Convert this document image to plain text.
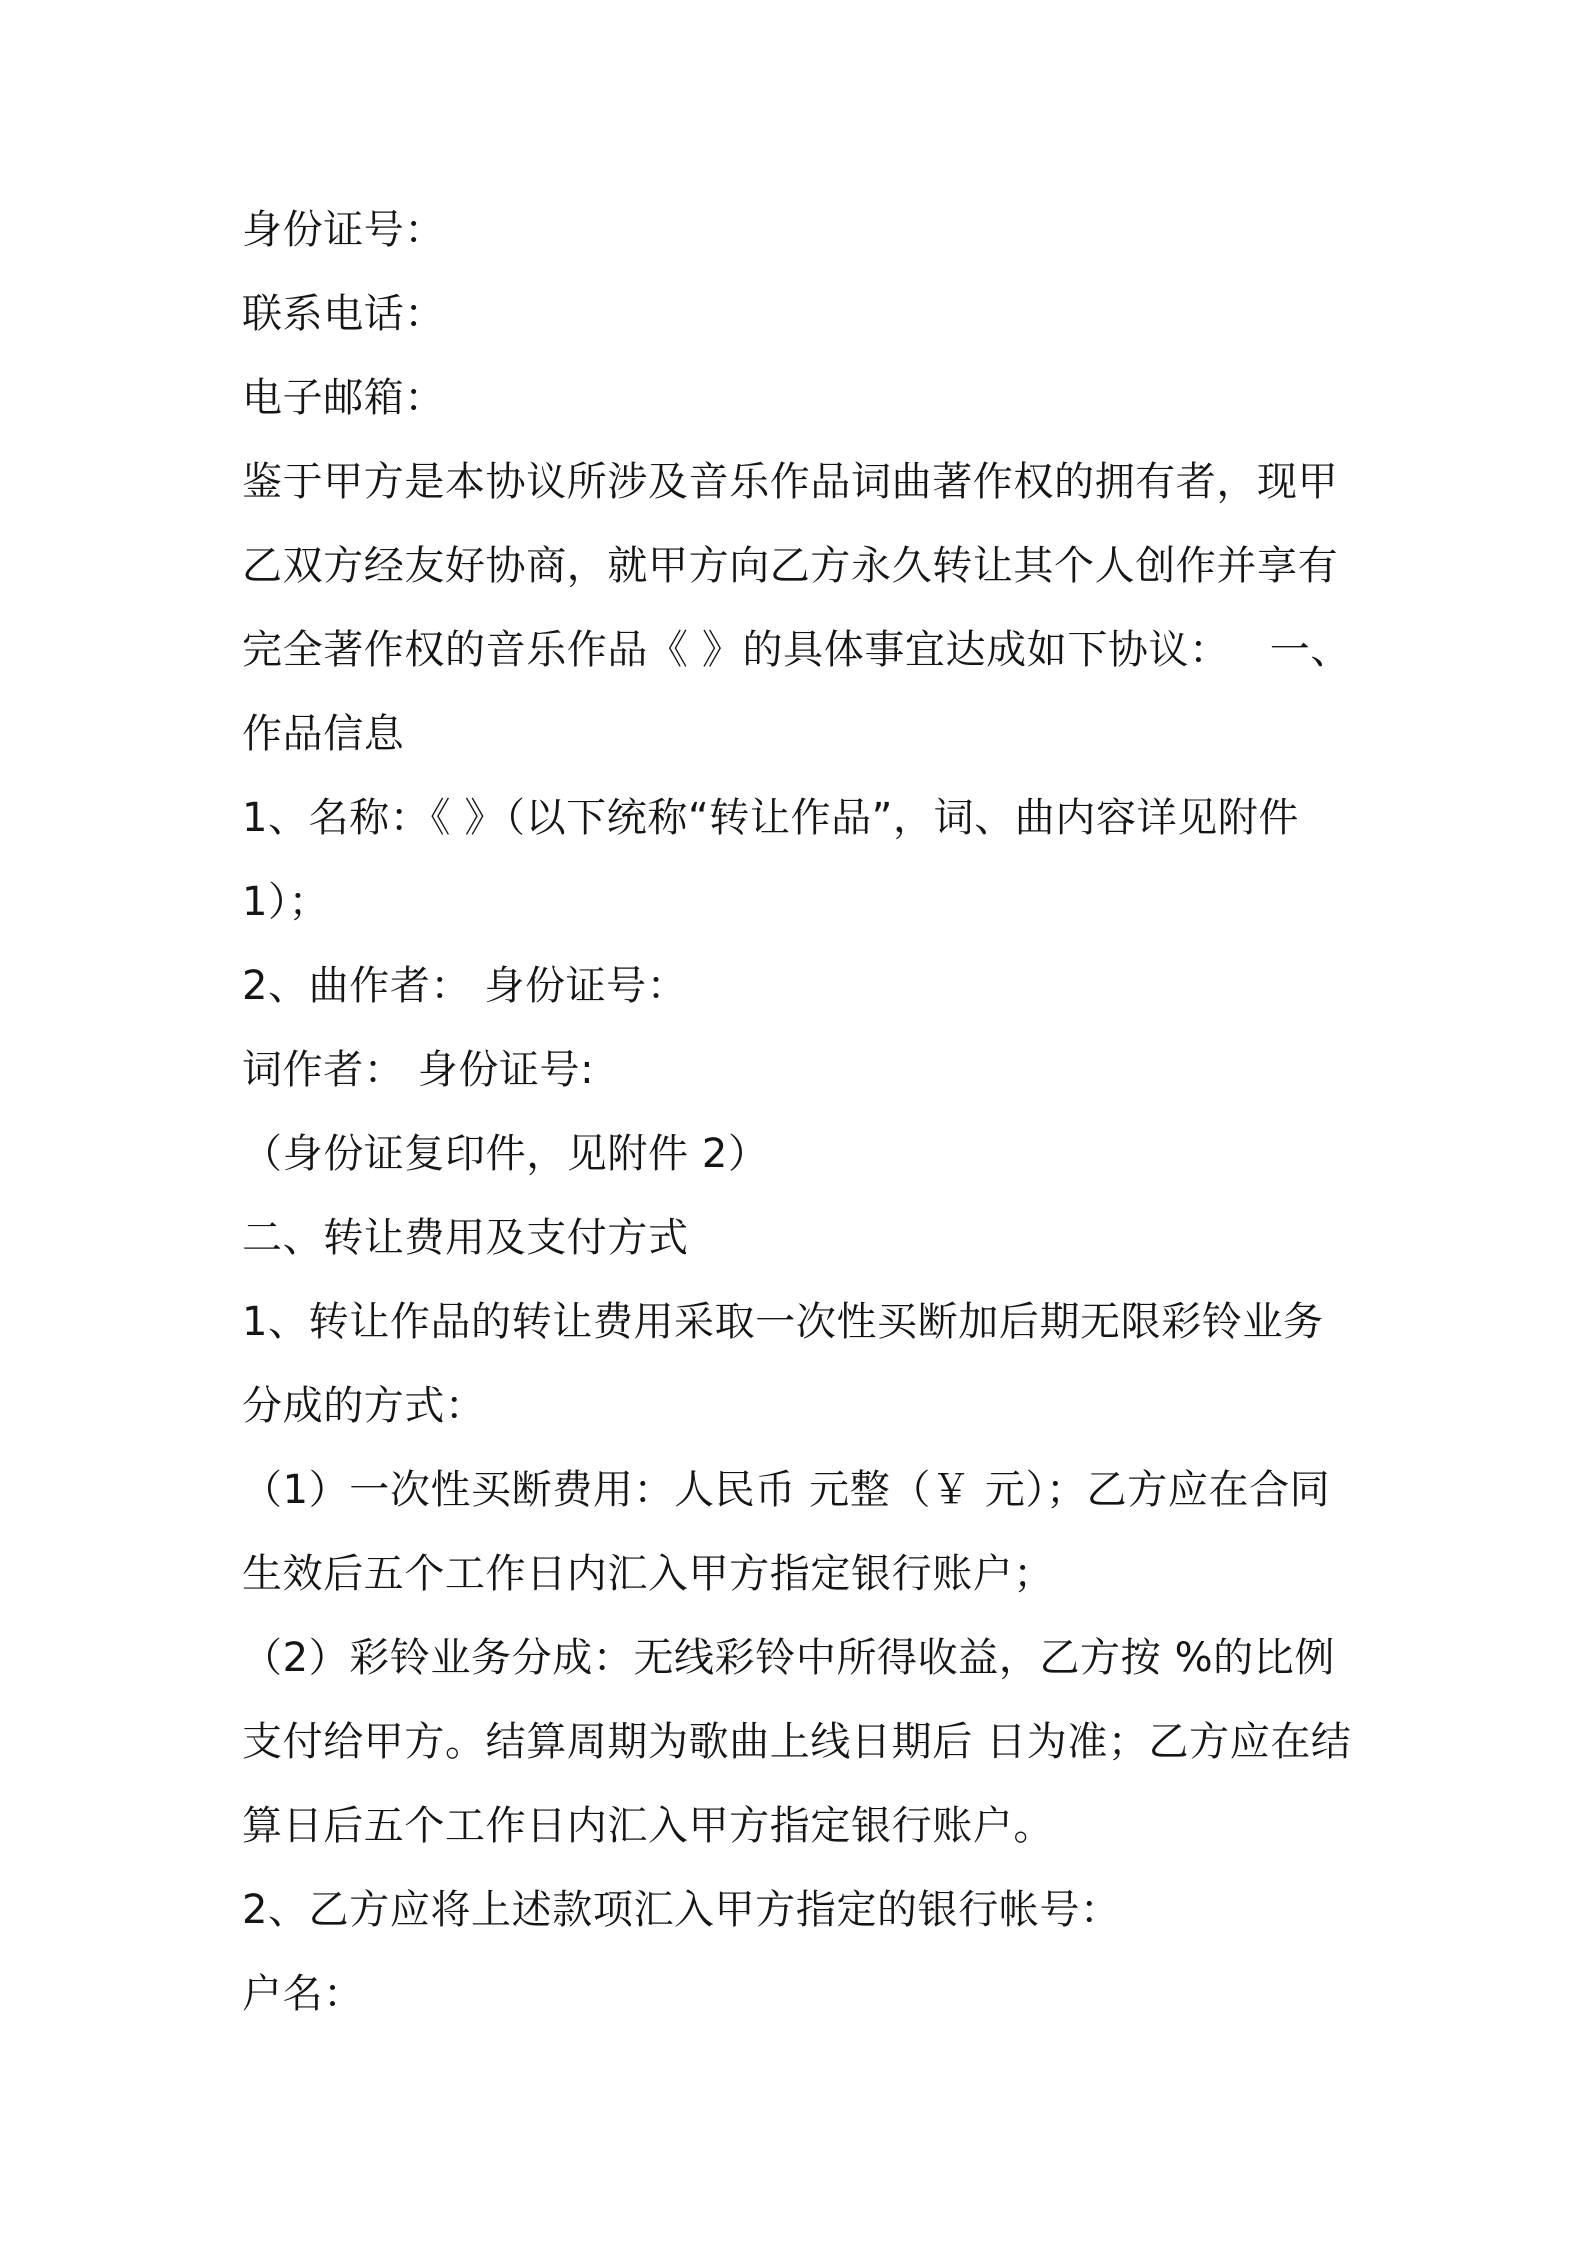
身份证号：
联系电话：
电子邮箱：
鉴于甲方是本协议所涉及音乐作品词曲著作权的拥有者，现甲乙双方经友好协商，就甲方向乙方永久转让其个人创作并享有完全著作权的音乐作品《 》的具体事宜达成如下协议： 一、作品信息
1、名称：《 》（以下统称“转让作品”，词、曲内容详见附件 1）；
2、曲作者： 身份证号：
词作者： 身份证号:
（身份证复印件，见附件 2）
二、转让费用及支付方式
1、转让作品的转让费用采取一次性买断加后期无限彩铃业务分成的方式：
（1）一次性买断费用：人民币 元整（￥ 元）；乙方应在合同生效后五个工作日内汇入甲方指定银行账户；
（2）彩铃业务分成：无线彩铃中所得收益，乙方按 %的比例支付给甲方。结算周期为歌曲上线日期后 日为准；乙方应在结算日后五个工作日内汇入甲方指定银行账户。
2、乙方应将上述款项汇入甲方指定的银行帐号：
户名：
